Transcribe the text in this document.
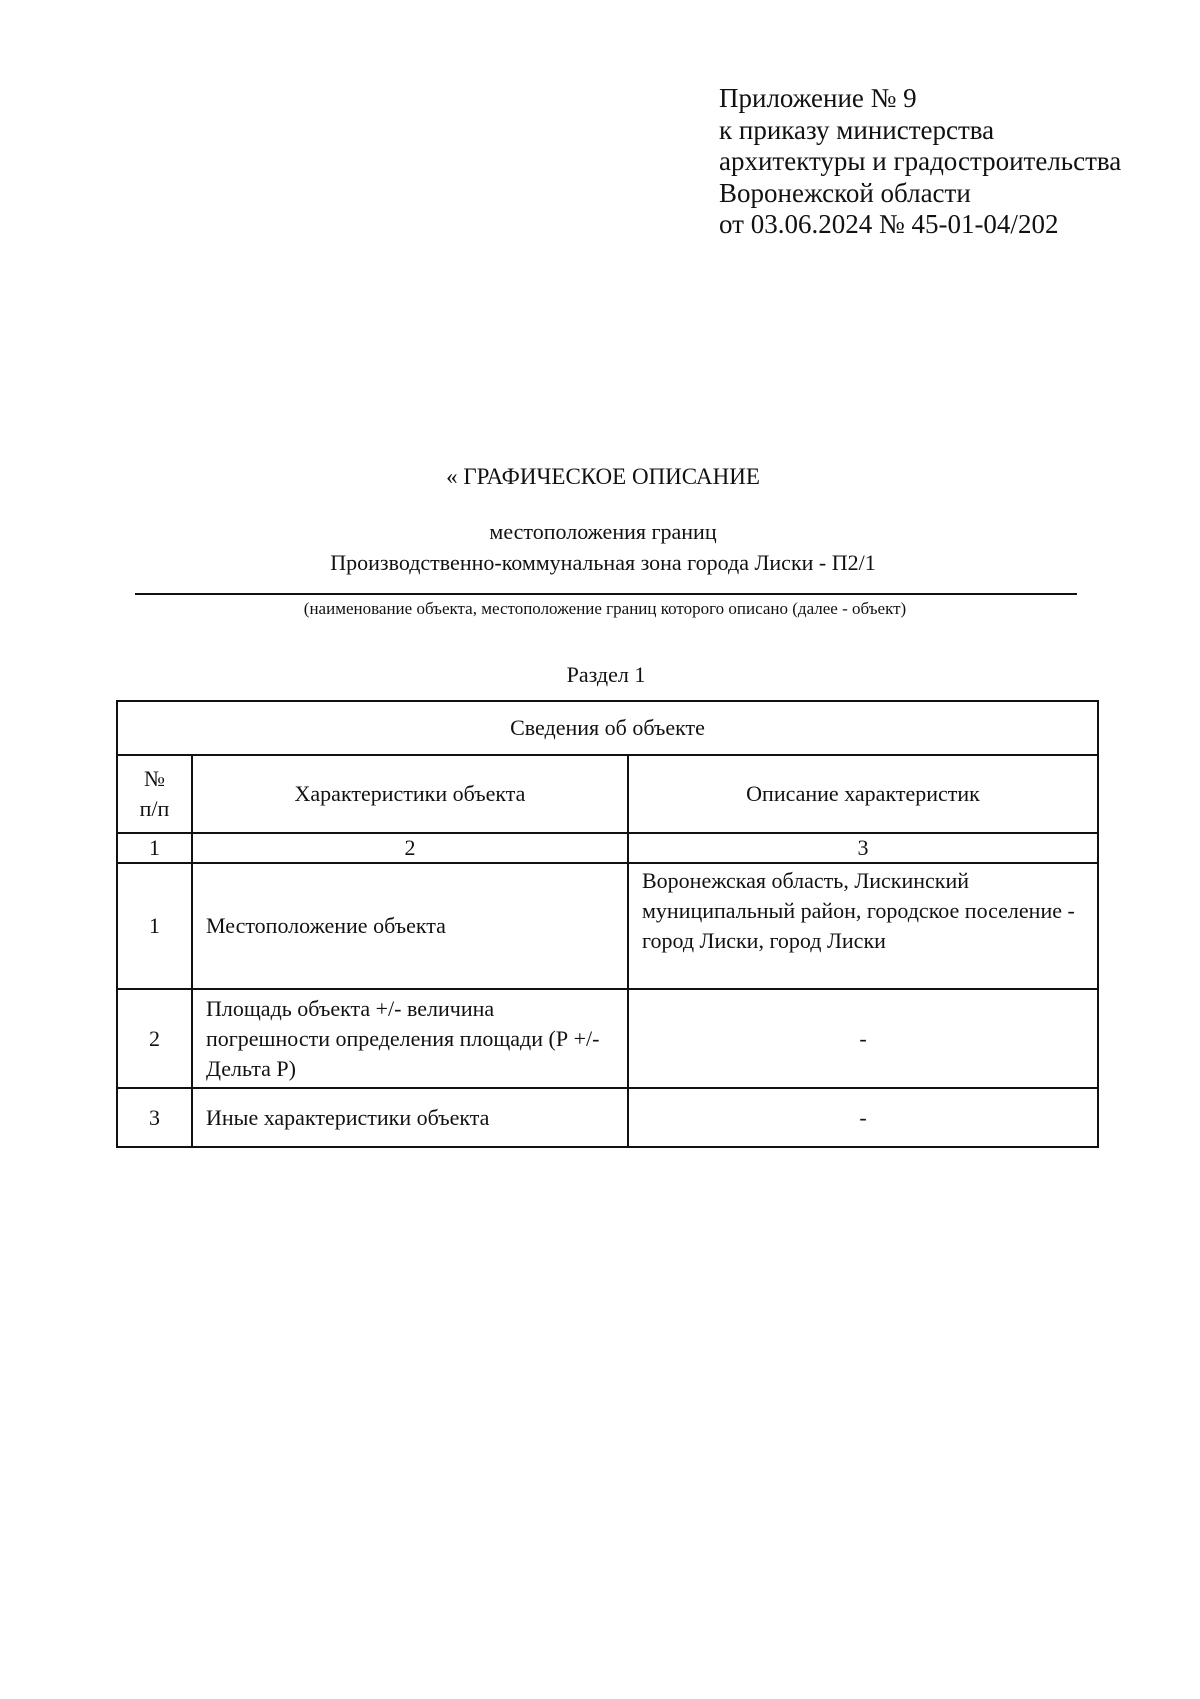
Приложение № 9
к приказу министерства
архитектуры и градостроительства
Воронежской области
от 03.06.2024 № 45-01-04/202
« ГРАФИЧЕСКОЕ ОПИСАНИЕ
местоположения границ
Производственно-коммунальная зона города Лиски - П2/1
(наименование объекта, местоположение границ которого описано (далее - объект)
Раздел 1
Сведения об объекте		

№
п/п	Характеристики объекта	Описание характеристик
1	2	3
1	Местоположение объекта	Воронежская область, Лискинский муниципальный район, городское поселение - город Лиски, город Лиски
2	Площадь объекта +/- величина погрешности определения площади (Р +/- Дельта Р)	-
3	Иные характеристики объекта	-
